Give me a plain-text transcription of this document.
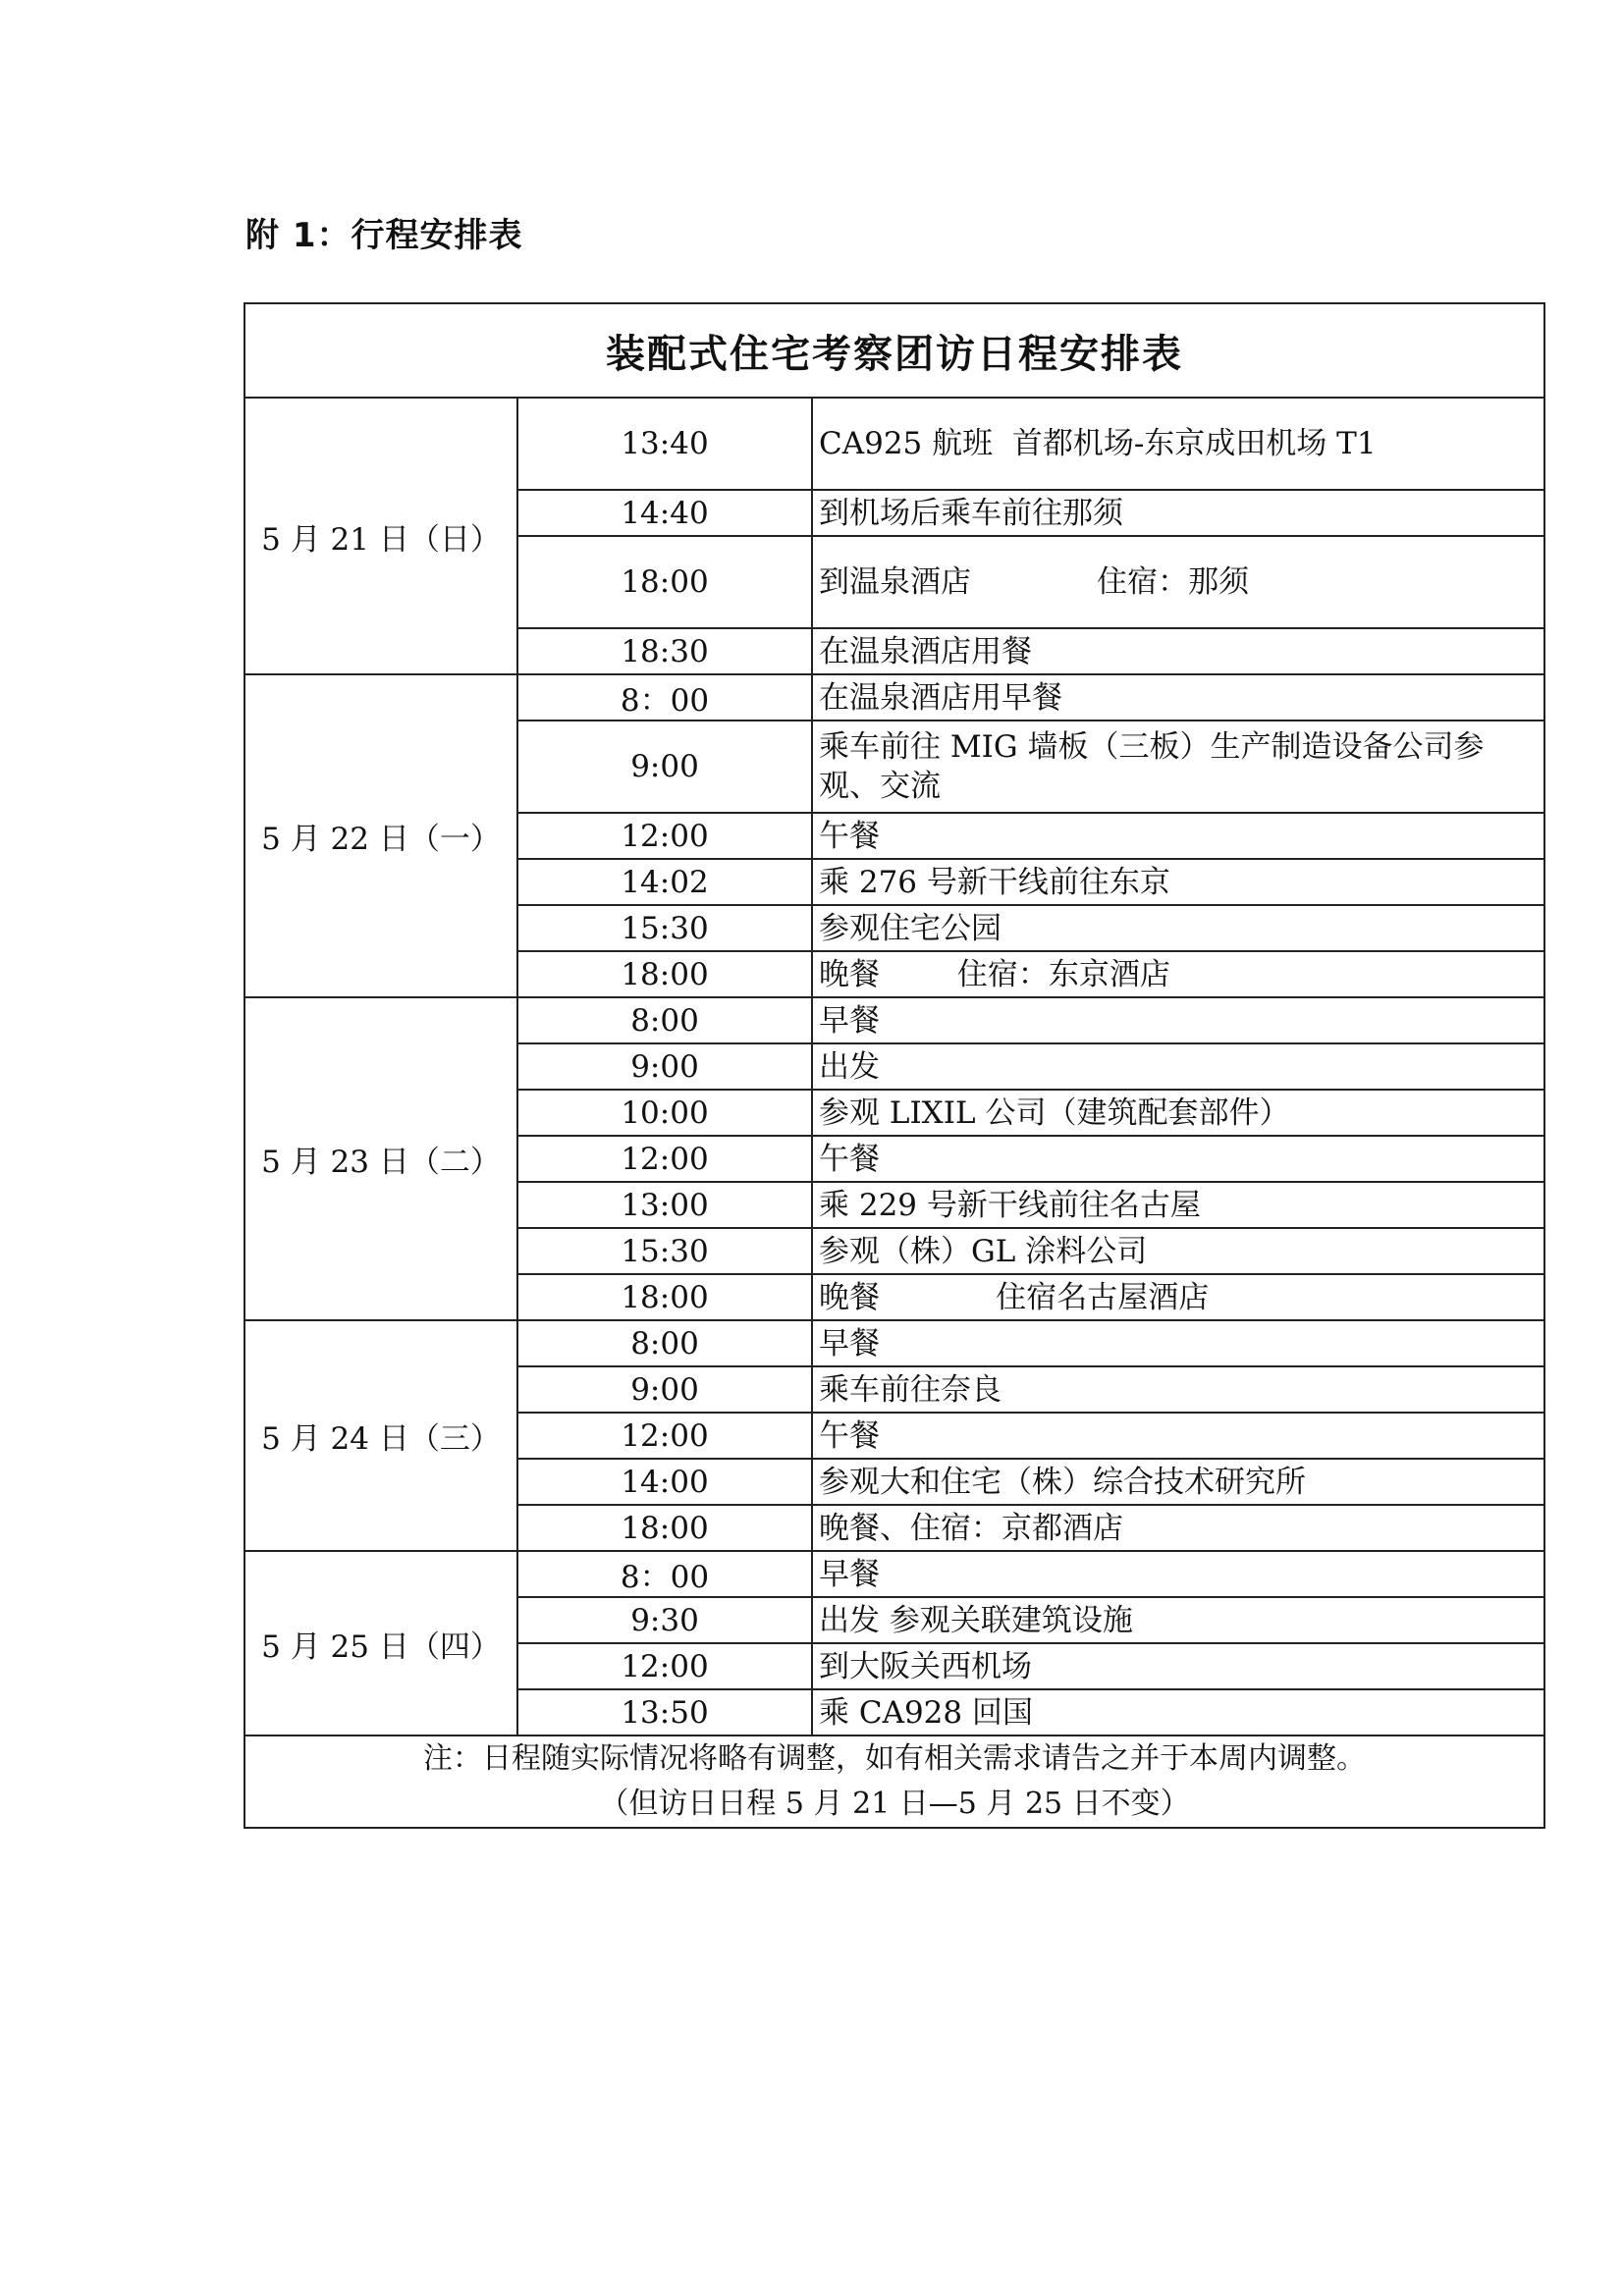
附 1：行程安排表
装配式住宅考察团访日程安排表		
5 月 21 日（日）	13:40	CA925 航班  首都机场-东京成田机场 T1
	14:40	到机场后乘车前往那须
	18:00	到温泉酒店             住宿：那须
	18:30	在温泉酒店用餐
5 月 22 日（一）	8：00	在温泉酒店用早餐
	9:00	乘车前往 MIG 墙板（三板）生产制造设备公司参观、交流
	12:00	午餐
	14:02	乘 276 号新干线前往东京
	15:30	参观住宅公园
	18:00	晚餐        住宿：东京酒店
5 月 23 日（二）	8:00	早餐
	9:00	出发
	10:00	参观 LIXIL 公司（建筑配套部件）
	12:00	午餐
	13:00	乘 229 号新干线前往名古屋
	15:30	参观（株）GL 涂料公司
	18:00	晚餐            住宿名古屋酒店
5 月 24 日（三）	8:00	早餐
	9:00	乘车前往奈良
	12:00	午餐
	14:00	参观大和住宅（株）综合技术研究所
	18:00	晚餐、住宿：京都酒店
5 月 25 日（四）	8：00	早餐
	9:30	出发 参观关联建筑设施
	12:00	到大阪关西机场
	13:50	乘 CA928 回国

注：日程随实际情况将略有调整，如有相关需求请告之并于本周内调整。
（但访日日程 5 月 21 日—5 月 25 日不变）		
